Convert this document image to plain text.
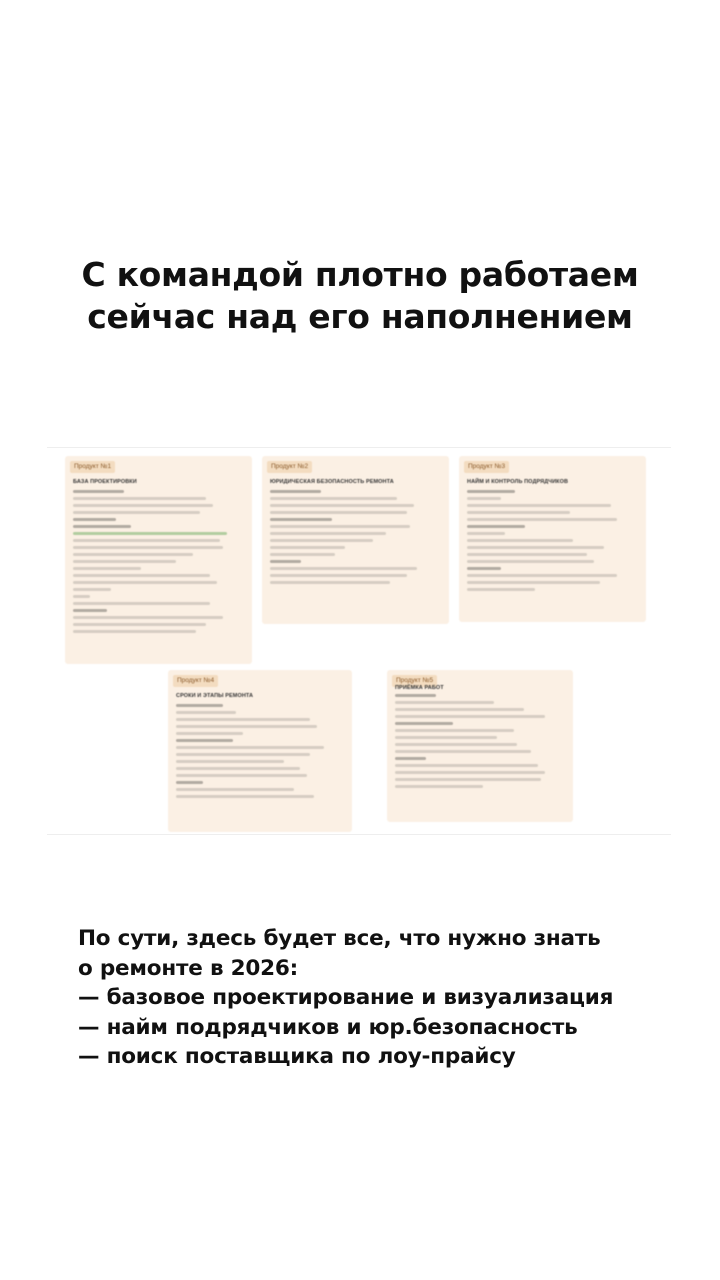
С командой плотно работаем
сейчас над его наполнением
Продукт №1
БАЗА ПРОЕКТИРОВКИ
Продукт №2
ЮРИДИЧЕСКАЯ БЕЗОПАСНОСТЬ РЕМОНТА
Продукт №3
НАЙМ И КОНТРОЛЬ ПОДРЯДЧИКОВ
Продукт №4
СРОКИ И ЭТАПЫ РЕМОНТА
Продукт №5
ПРИЁМКА РАБОТ
По сути, здесь будет все, что нужно знать
о ремонте в 2026:
— базовое проектирование и визуализация
— найм подрядчиков и юр.безопасность
— поиск поставщика по лоу-прайсу
